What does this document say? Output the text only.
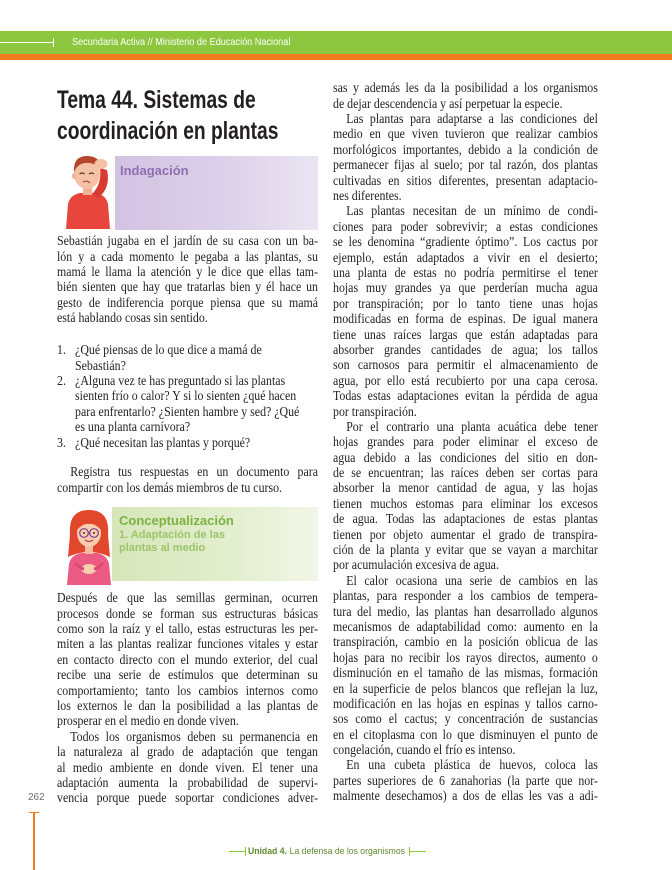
Secundaria Activa // Ministerio de Educación Nacional
Tema 44. Sistemas de coordinación en plantas
Indagación
Sebastián jugaba en el jardín de su casa con un ba-
lón y a cada momento le pegaba a las plantas, su
mamá le llama la atención y le dice que ellas tam-
bién sienten que hay que tratarlas bien y él hace un
gesto de indiferencia porque piensa que su mamá
está hablando cosas sin sentido.
1. ¿Qué piensas de lo que dice a mamá de
Sebastián?
2. ¿Alguna vez te has preguntado si las plantas
sienten frío o calor? Y si lo sienten ¿qué hacen
para enfrentarlo? ¿Sienten hambre y sed? ¿Qué
es una planta carnívora?
3. ¿Qué necesitan las plantas y porqué?
Registra tus respuestas en un documento para
compartir con los demás miembros de tu curso.
Conceptualización
1. Adaptación de las
plantas al medio
Después de que las semillas germinan, ocurren
procesos donde se forman sus estructuras básicas
como son la raíz y el tallo, estas estructuras les per-
miten a las plantas realizar funciones vitales y estar
en contacto directo con el mundo exterior, del cual
recibe una serie de estímulos que determinan su
comportamiento; tanto los cambios internos como
los externos le dan la posibilidad a las plantas de
prosperar en el medio en donde viven.
Todos los organismos deben su permanencia en
la naturaleza al grado de adaptación que tengan
al medio ambiente en donde viven. El tener una
adaptación aumenta la probabilidad de supervi-
vencia porque puede soportar condiciones adver-
sas y además les da la posibilidad a los organismos
de dejar descendencia y así perpetuar la especie.
Las plantas para adaptarse a las condiciones del
medio en que viven tuvieron que realizar cambios
morfológicos importantes, debido a la condición de
permanecer fijas al suelo; por tal razón, dos plantas
cultivadas en sitios diferentes, presentan adaptacio-
nes diferentes.
Las plantas necesitan de un mínimo de condi-
ciones para poder sobrevivir; a estas condiciones
se les denomina “gradiente óptimo”. Los cactus por
ejemplo, están adaptados a vivir en el desierto;
una planta de estas no podría permitirse el tener
hojas muy grandes ya que perderían mucha agua
por transpiración; por lo tanto tiene unas hojas
modificadas en forma de espinas. De igual manera
tiene unas raíces largas que están adaptadas para
absorber grandes cantidades de agua; los tallos
son carnosos para permitir el almacenamiento de
agua, por ello está recubierto por una capa cerosa.
Todas estas adaptaciones evitan la pérdida de agua
por transpiración.
Por el contrario una planta acuática debe tener
hojas grandes para poder eliminar el exceso de
agua debido a las condiciones del sitio en don-
de se encuentran; las raíces deben ser cortas para
absorber la menor cantidad de agua, y las hojas
tienen muchos estomas para eliminar los excesos
de agua. Todas las adaptaciones de estas plantas
tienen por objeto aumentar el grado de transpira-
ción de la planta y evitar que se vayan a marchitar
por acumulación excesiva de agua.
El calor ocasiona una serie de cambios en las
plantas, para responder a los cambios de tempera-
tura del medio, las plantas han desarrollado algunos
mecanismos de adaptabilidad como: aumento en la
transpiración, cambio en la posición oblicua de las
hojas para no recibir los rayos directos, aumento o
disminución en el tamaño de las mismas, formación
en la superficie de pelos blancos que reflejan la luz,
modificación en las hojas en espinas y tallos carno-
sos como el cactus; y concentración de sustancias
en el citoplasma con lo que disminuyen el punto de
congelación, cuando el frío es intenso.
En una cubeta plástica de huevos, coloca las
partes superiores de 6 zanahorias (la parte que nor-
malmente desechamos) a dos de ellas les vas a adi-
262
Unidad 4. La defensa de los organismos
